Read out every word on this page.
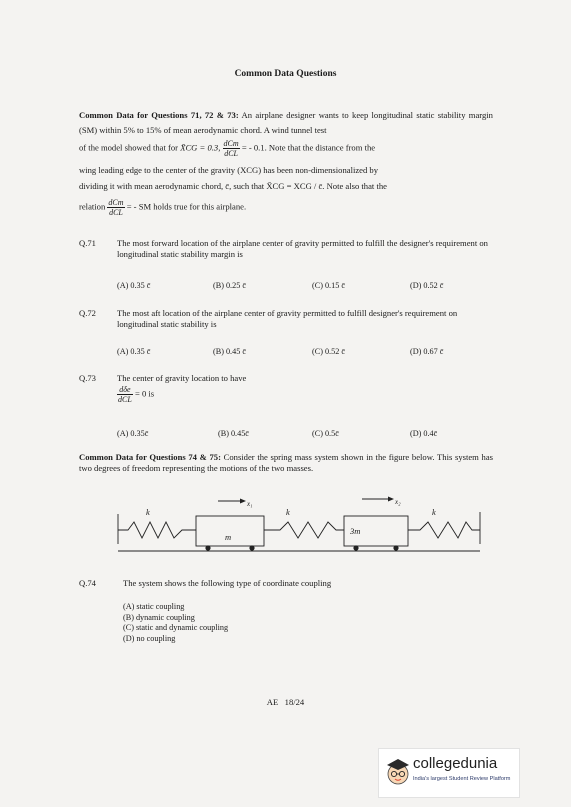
Common Data Questions
Common Data for Questions 71, 72 & 73: An airplane designer wants to keep longitudinal static stability margin (SM) within 5% to 15% of mean aerodynamic chord. A wind tunnel test
of the model showed that for X̄CG = 0.3, $\frac{\text{dCm}}{\text{dCL}}$ = - 0.1. Note that the distance from the
wing leading edge to the center of the gravity (XCG) has been non-dimensionalized by
dividing it with mean aerodynamic chord, c̄, such that X̄CG = XCG / c̄. Note also that the
relation $\frac{\text{dCm}}{\text{dCL}}$ = - SM holds true for this airplane.
Q.71 The most forward location of the airplane center of gravity permitted to fulfill the designer's requirement on longitudinal static stability margin is
(A) 0.35 c̄	(B) 0.25 c̄	(C) 0.15 c̄	(D) 0.52 c̄
Q.72 The most aft location of the airplane center of gravity permitted to fulfill designer's requirement on longitudinal static stability is
(A) 0.35 c̄	(B) 0.45 c̄	(C) 0.52 c̄	(D) 0.67 c̄
Q.73 The center of gravity location to have
$\frac{\text{dδe}}{\text{dCL}} = 0$ is
(A) 0.35c̄	(B) 0.45c̄	(C) 0.5c̄	(D) 0.4c̄
Common Data for Questions 74 & 75: Consider the spring mass system shown in the figure below. This system has two degrees of freedom representing the motions of the two masses.
k	k	k
m
3m
x₁	x₂
Q.74	The system shows the following type of coordinate coupling
(A) static coupling
(B) dynamic coupling
(C) static and dynamic coupling
(D) no coupling
AE   18/24
collegedunia
India's largest Student Review Platform
